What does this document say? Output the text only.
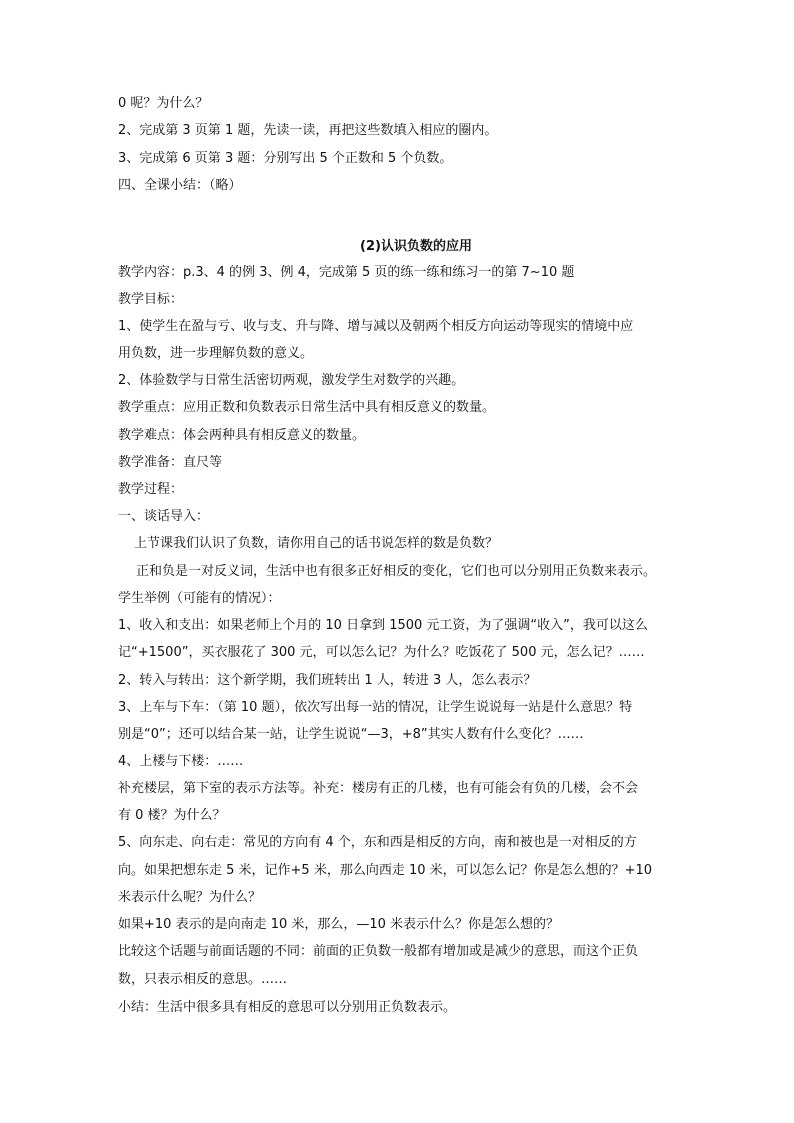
0 呢？为什么？
2、完成第 3 页第 1 题，先读一读，再把这些数填入相应的圈内。
3、完成第 6 页第 3 题：分别写出 5 个正数和 5 个负数。
四、全课小结：（略）
(2)认识负数的应用
教学内容：p.3、4 的例 3、例 4，完成第 5 页的练一练和练习一的第 7~10 题
教学目标：
1、使学生在盈与亏、收与支、升与降、增与减以及朝两个相反方向运动等现实的情境中应
用负数，进一步理解负数的意义。
2、体验数学与日常生活密切两观，激发学生对数学的兴趣。
教学重点：应用正数和负数表示日常生活中具有相反意义的数量。
教学难点：体会两种具有相反意义的数量。
教学准备：直尺等
教学过程：
一、谈话导入：
上节课我们认识了负数，请你用自己的话书说怎样的数是负数？
正和负是一对反义词，生活中也有很多正好相反的变化，它们也可以分别用正负数来表示。
学生举例（可能有的情况）：
1、收入和支出：如果老师上个月的 10 日拿到 1500 元工资，为了强调“收入”，我可以这么
记“+1500”，买衣服花了 300 元，可以怎么记？为什么？吃饭花了 500 元，怎么记？……
2、转入与转出：这个新学期，我们班转出 1 人，转进 3 人，怎么表示？
3、上车与下车：（第 10 题），依次写出每一站的情况，让学生说说每一站是什么意思？特
别是“0”；还可以结合某一站，让学生说说“—3，+8”其实人数有什么变化？……
4、上楼与下楼：……
补充楼层，第下室的表示方法等。补充：楼房有正的几楼，也有可能会有负的几楼，会不会
有 0 楼？为什么？
5、向东走、向右走：常见的方向有 4 个，东和西是相反的方向，南和被也是一对相反的方
向。如果把想东走 5 米，记作+5 米，那么向西走 10 米，可以怎么记？你是怎么想的？+10
米表示什么呢？为什么？
如果+10 表示的是向南走 10 米，那么，—10 米表示什么？你是怎么想的？
比较这个话题与前面话题的不同：前面的正负数一般都有增加或是减少的意思，而这个正负
数，只表示相反的意思。……
小结：生活中很多具有相反的意思可以分别用正负数表示。
